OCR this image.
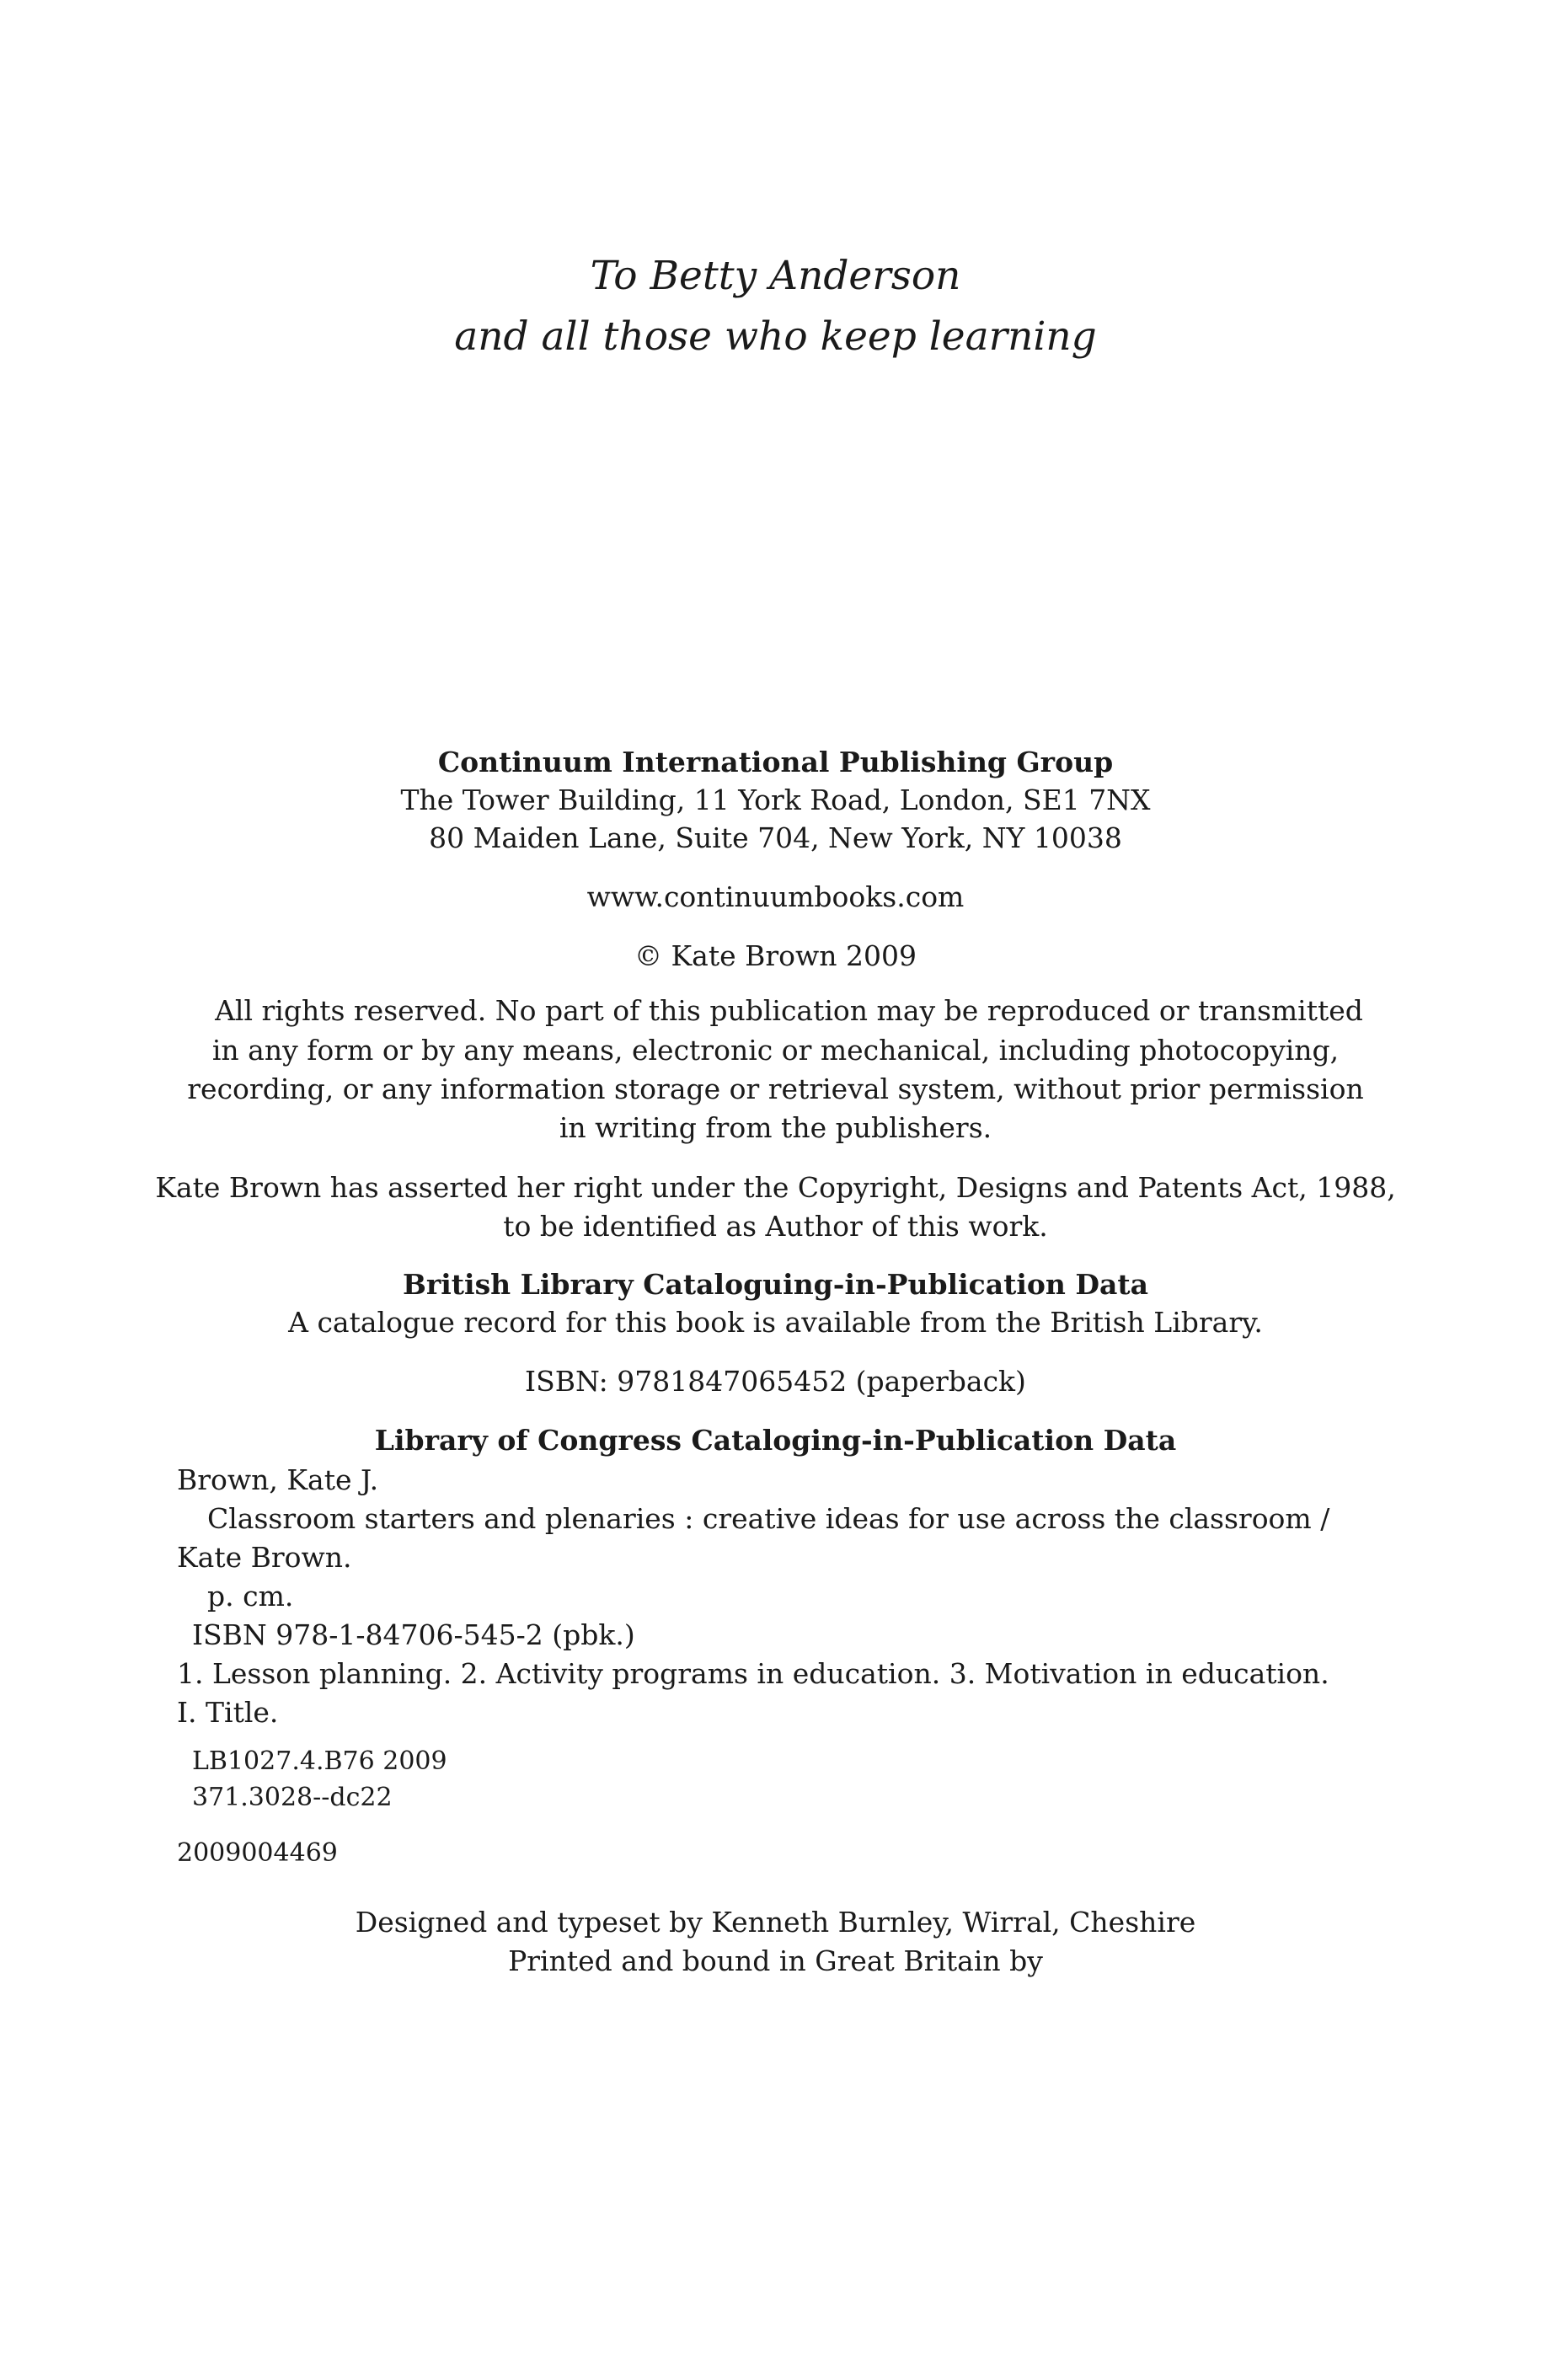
To Betty Anderson
and all those who keep learning
Continuum International Publishing Group
The Tower Building, 11 York Road, London, SE1 7NX
80 Maiden Lane, Suite 704, New York, NY 10038
www.continuumbooks.com
© Kate Brown 2009
All rights reserved. No part of this publication may be reproduced or transmitted
in any form or by any means, electronic or mechanical, including photocopying,
recording, or any information storage or retrieval system, without prior permission
in writing from the publishers.
Kate Brown has asserted her right under the Copyright, Designs and Patents Act, 1988,
to be identified as Author of this work.
British Library Cataloguing-in-Publication Data
A catalogue record for this book is available from the British Library.
ISBN: 9781847065452 (paperback)
Library of Congress Cataloging-in-Publication Data
Brown, Kate J.
Classroom starters and plenaries : creative ideas for use across the classroom /
Kate Brown.
p. cm.
ISBN 978-1-84706-545-2 (pbk.)
1. Lesson planning. 2. Activity programs in education. 3. Motivation in education.
I. Title.
LB1027.4.B76 2009
371.3028--dc22
2009004469
Designed and typeset by Kenneth Burnley, Wirral, Cheshire
Printed and bound in Great Britain by
